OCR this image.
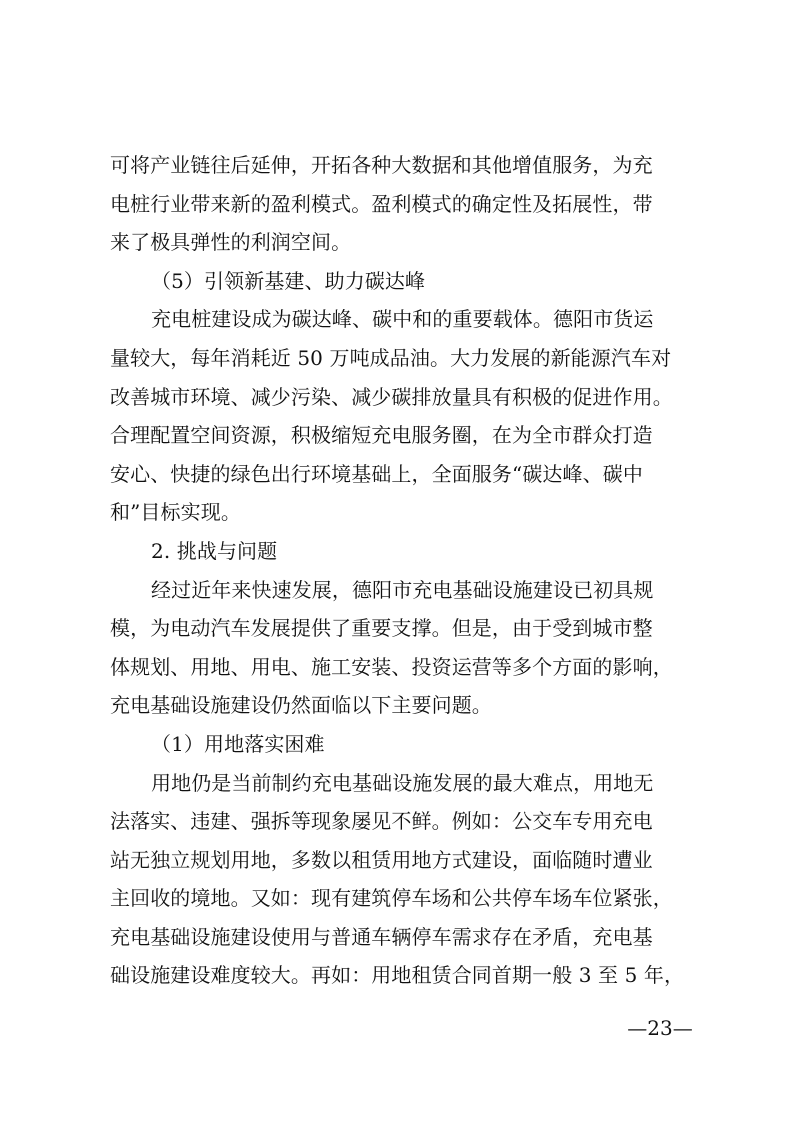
可将产业链往后延伸，开拓各种大数据和其他增值服务，为充
电桩行业带来新的盈利模式。盈利模式的确定性及拓展性，带
来了极具弹性的利润空间。
（5）引领新基建、助力碳达峰
充电桩建设成为碳达峰、碳中和的重要载体。德阳市货运
量较大，每年消耗近 50 万吨成品油。大力发展的新能源汽车对
改善城市环境、减少污染、减少碳排放量具有积极的促进作用。
合理配置空间资源，积极缩短充电服务圈，在为全市群众打造
安心、快捷的绿色出行环境基础上，全面服务“碳达峰、碳中
和”目标实现。
2. 挑战与问题
经过近年来快速发展，德阳市充电基础设施建设已初具规
模，为电动汽车发展提供了重要支撑。但是，由于受到城市整
体规划、用地、用电、施工安装、投资运营等多个方面的影响，
充电基础设施建设仍然面临以下主要问题。
（1）用地落实困难
用地仍是当前制约充电基础设施发展的最大难点，用地无
法落实、违建、强拆等现象屡见不鲜。例如：公交车专用充电
站无独立规划用地，多数以租赁用地方式建设，面临随时遭业
主回收的境地。又如：现有建筑停车场和公共停车场车位紧张，
充电基础设施建设使用与普通车辆停车需求存在矛盾，充电基
础设施建设难度较大。再如：用地租赁合同首期一般 3 至 5 年，
—23—
